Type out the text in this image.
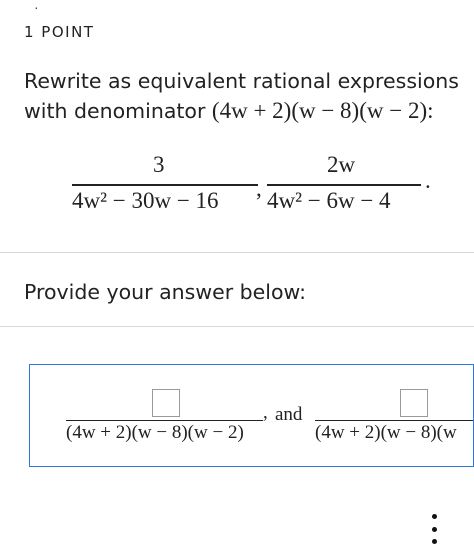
·
1 POINT
Rewrite as equivalent rational expressions with denominator (4w + 2)(w − 8)(w − 2):
3
4w² − 30w − 16 ,
2w
4w² − 6w − 4
.
Provide your answer below:
(4w + 2)(w − 8)(w − 2)
, and
(4w + 2)(w − 8)(w
